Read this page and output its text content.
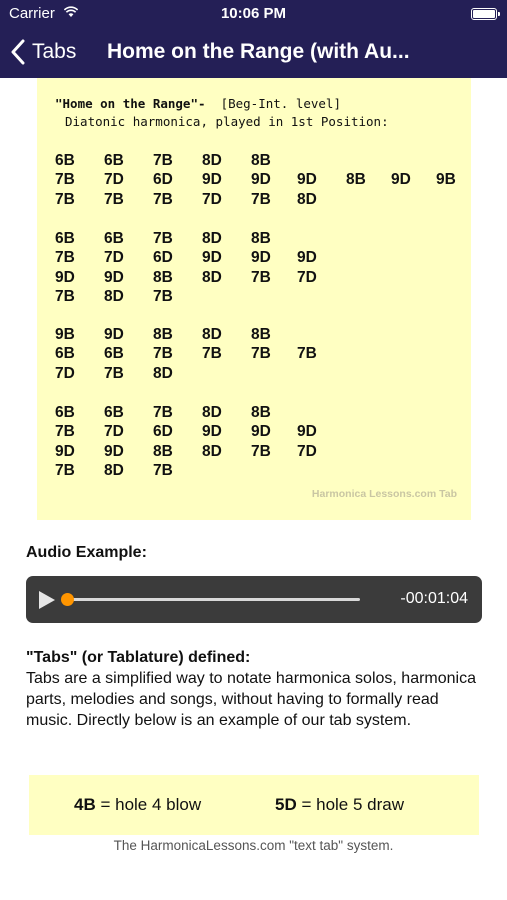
Carrier	10:06 PM
Tabs Home on the Range (with Au...
"Home on the Range"- [Beg-Int. level]
Diatonic harmonica, played in 1st Position:
6B 6B 7B 8D 8B
7B 7D 6D 9D 9D 9D 8B 9D 9B
7B 7B 7B 7D 7B 8D
6B 6B 7B 8D 8B
7B 7D 6D 9D 9D 9D
9D 9D 8B 8D 7B 7D
7B 8D 7B
9B 9D 8B 8D 8B
6B 6B 7B 7B 7B 7B
7D 7B 8D
6B 6B 7B 8D 8B
7B 7D 6D 9D 9D 9D
9D 9D 8B 8D 7B 7D
7B 8D 7B
Harmonica Lessons.com Tab
Audio Example:
-00:01:04
"Tabs" (or Tablature) defined:
Tabs are a simplified way to notate harmonica solos, harmonica parts, melodies and songs, without having to formally read music. Directly below is an example of our tab system.
4B = hole 4 blow	5D = hole 5 draw
The HarmonicaLessons.com "text tab" system.
